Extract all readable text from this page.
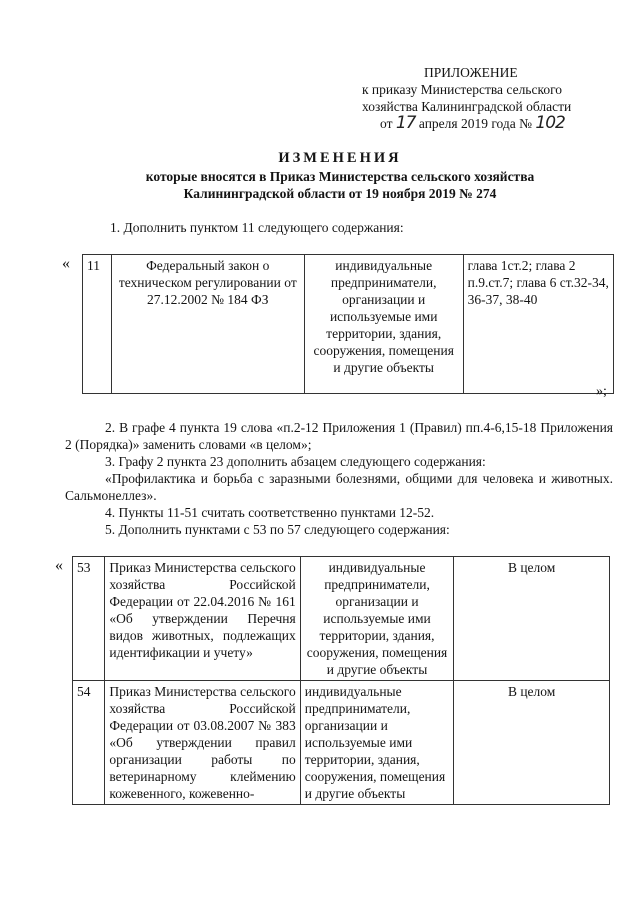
ПРИЛОЖЕНИЕ
к приказу Министерства сельского
хозяйства Калининградской области
от 17 апреля 2019 года № 102
ИЗМЕНЕНИЯ
которые вносятся в Приказ Министерства сельского хозяйства
Калининградской области от 19 ноября 2019 № 274
1. Дополнить пунктом 11 следующего содержания:
« 11	Федеральный закон о техническом регулировании от 27.12.2002 № 184 ФЗ	индивидуальные предприниматели, организации и используемые ими территории, здания, сооружения, помещения и другие объекты	глава 1ст.2; глава 2 п.9.ст.7; глава 6 ст.32-34, 36-37, 38-40
»;
2. В графе 4 пункта 19 слова «п.2-12 Приложения 1 (Правил) пп.4-6,15-18 Приложения 2 (Порядка)» заменить словами «в целом»;
3. Графу 2 пункта 23 дополнить абзацем следующего содержания:
«Профилактика и борьба с заразными болезнями, общими для человека и животных. Сальмонеллез».
4. Пункты 11-51 считать соответственно пунктами 12-52.
5. Дополнить пунктами с 53 по 57 следующего содержания:
« 53	Приказ Министерства сельского хозяйства Российской Федерации от 22.04.2016 № 161 «Об утверждении Перечня видов животных, подлежащих идентификации и учету»	индивидуальные предприниматели, организации и используемые ими территории, здания, сооружения, помещения и другие объекты	В целом
54	Приказ Министерства сельского хозяйства Российской Федерации от 03.08.2007 № 383 «Об утверждении правил организации работы по ветеринарному клеймению кожевенного, кожевенно-	индивидуальные предприниматели, организации и используемые ими территории, здания, сооружения, помещения и другие объекты	В целом
